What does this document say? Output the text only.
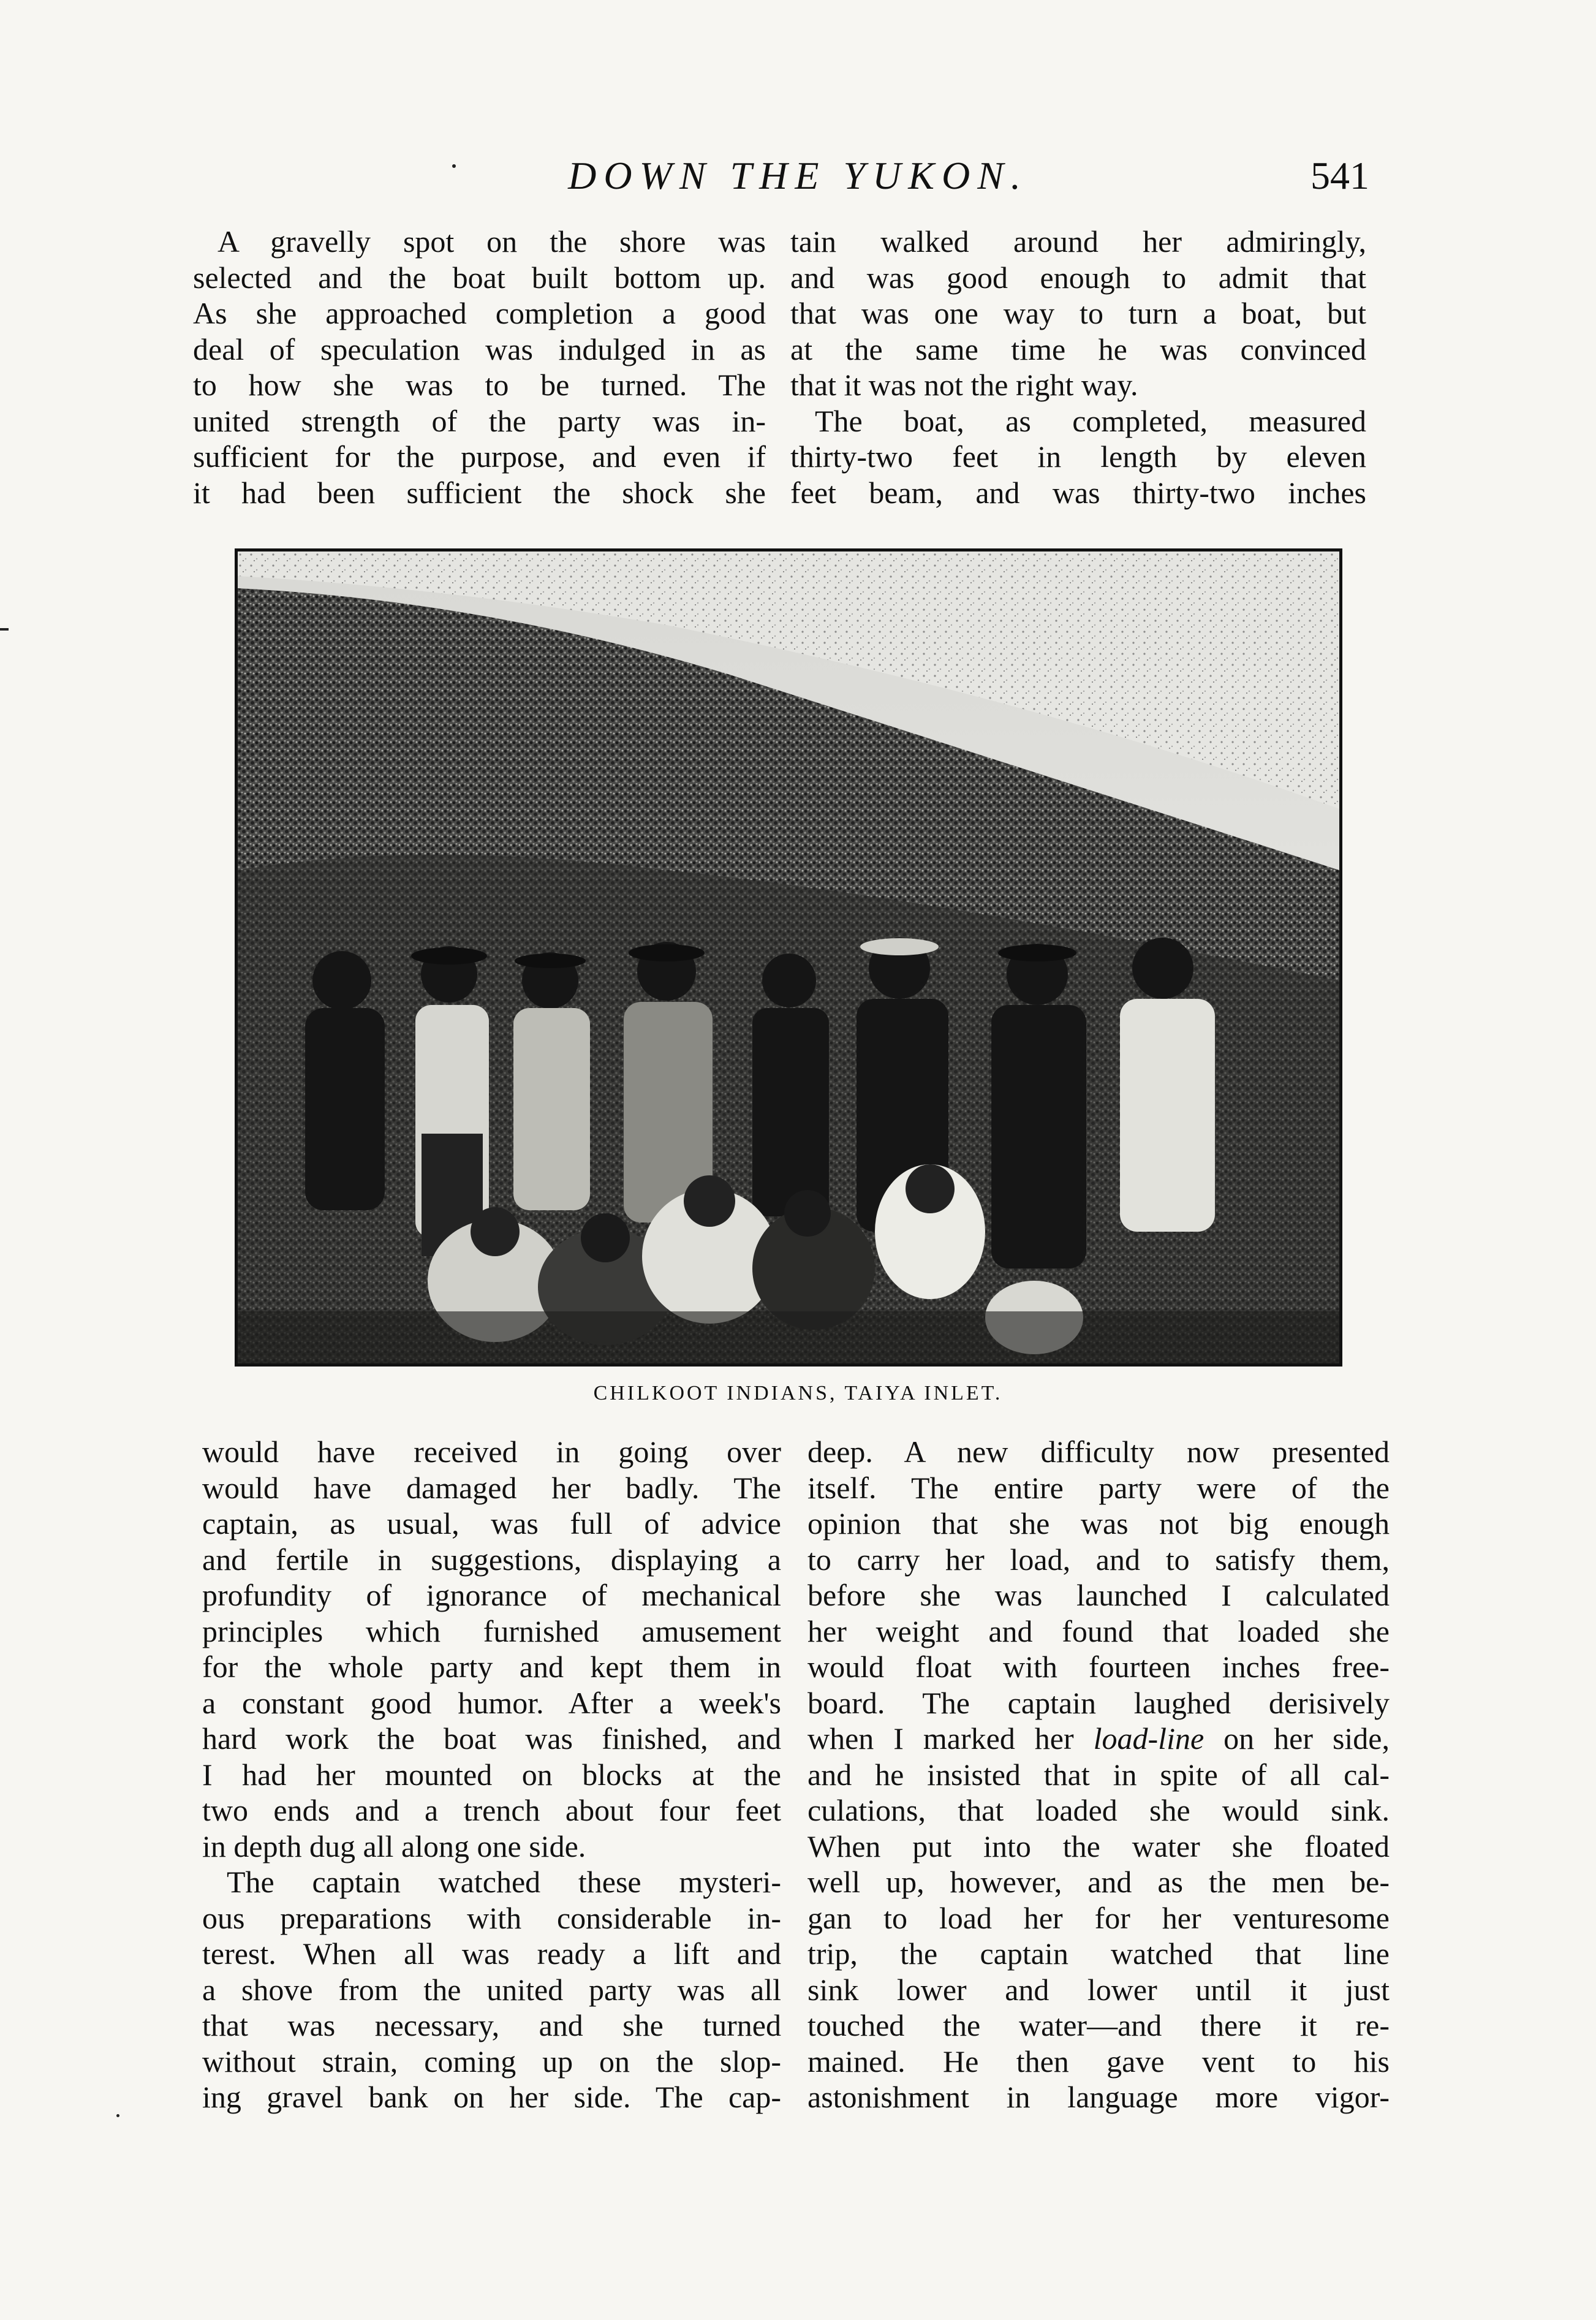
DOWN THE YUKON.	541
A gravelly spot on the shore was
selected and the boat built bottom up.
As she approached completion a good
deal of speculation was indulged in as
to how she was to be turned. The
united strength of the party was in-
sufficient for the purpose, and even if
it had been sufficient the shock she
tain walked around her admiringly,
and was good enough to admit that
that was one way to turn a boat, but
at the same time he was convinced
that it was not the right way.
The boat, as completed, measured
thirty-two feet in length by eleven
feet beam, and was thirty-two inches
CHILKOOT INDIANS, TAIYA INLET.
would have received in going over
would have damaged her badly. The
captain, as usual, was full of advice
and fertile in suggestions, displaying a
profundity of ignorance of mechanical
principles which furnished amusement
for the whole party and kept them in
a constant good humor. After a week's
hard work the boat was finished, and
I had her mounted on blocks at the
two ends and a trench about four feet
in depth dug all along one side.
The captain watched these mysteri-
ous preparations with considerable in-
terest. When all was ready a lift and
a shove from the united party was all
that was necessary, and she turned
without strain, coming up on the slop-
ing gravel bank on her side. The cap-
deep. A new difficulty now presented
itself. The entire party were of the
opinion that she was not big enough
to carry her load, and to satisfy them,
before she was launched I calculated
her weight and found that loaded she
would float with fourteen inches free-
board. The captain laughed derisively
when I marked her load-line on her side,
and he insisted that in spite of all cal-
culations, that loaded she would sink.
When put into the water she floated
well up, however, and as the men be-
gan to load her for her venturesome
trip, the captain watched that line
sink lower and lower until it just
touched the water—and there it re-
mained. He then gave vent to his
astonishment in language more vigor-
